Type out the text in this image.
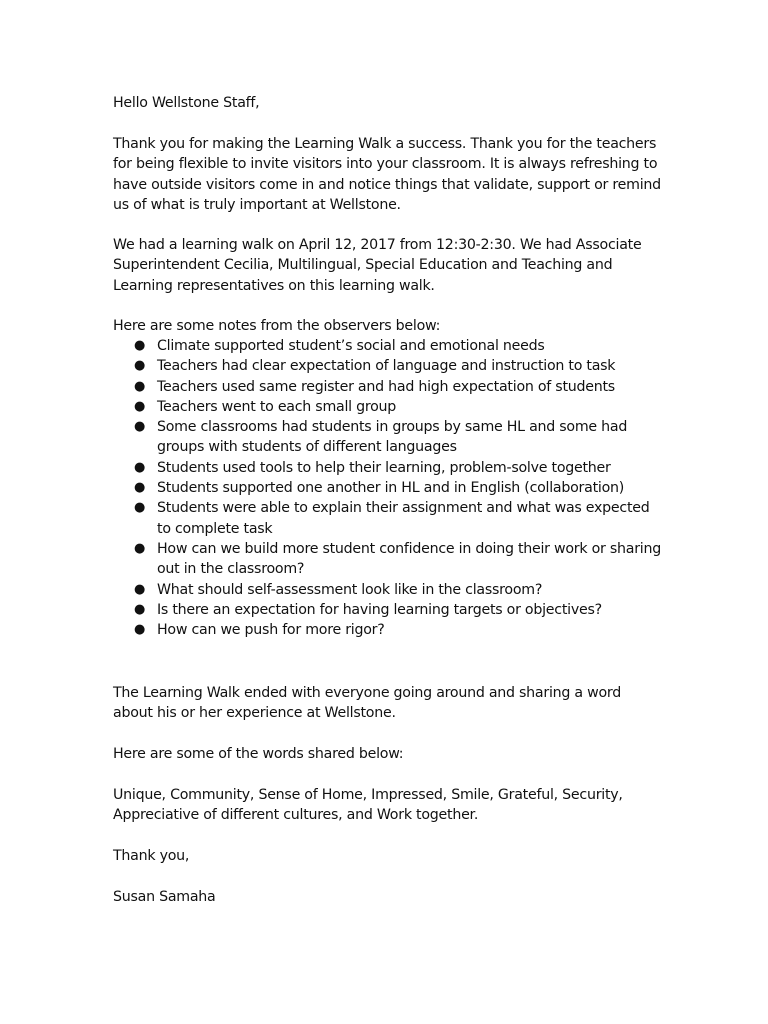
Hello Wellstone Staff,

Thank you for making the Learning Walk a success. Thank you for the teachers for being flexible to invite visitors into your classroom. It is always refreshing to have outside visitors come in and notice things that validate, support or remind us of what is truly important at Wellstone.

We had a learning walk on April 12, 2017 from 12:30-2:30. We had Associate Superintendent Cecilia, Multilingual, Special Education and Teaching and Learning representatives on this learning walk.

Here are some notes from the observers below:

● Climate supported student’s social and emotional needs
● Teachers had clear expectation of language and instruction to task
● Teachers used same register and had high expectation of students
● Teachers went to each small group
● Some classrooms had students in groups by same HL and some had groups with students of different languages
● Students used tools to help their learning, problem-solve together
● Students supported one another in HL and in English (collaboration)
● Students were able to explain their assignment and what was expected to complete task
● How can we build more student confidence in doing their work or sharing out in the classroom?
● What should self-assessment look like in the classroom?
● Is there an expectation for having learning targets or objectives?
● How can we push for more rigor?

The Learning Walk ended with everyone going around and sharing a word about his or her experience at Wellstone.

Here are some of the words shared below:

Unique, Community, Sense of Home, Impressed, Smile, Grateful, Security, Appreciative of different cultures, and Work together.

Thank you,

Susan Samaha
